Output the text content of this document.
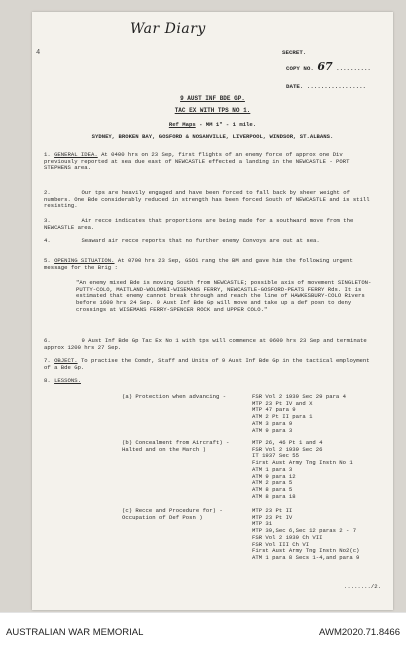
War Diary
4	SECRET.
COPY NO. 67 ..........
DATE. .................
9 AUST INF BDE GP.
TAC EX WITH TPS NO 1.
Ref Maps - MM 1" - 1 mile.
SYDNEY, BROKEN BAY, GOSFORD & NOSANVILLE, LIVERPOOL, WINDSOR, ST.ALBANS.
1. GENERAL IDEA. At 0400 hrs on 23 Sep, first flights of an enemy force of approx one Div previously reported at sea due east of NEWCASTLE effected a landing in the NEWCASTLE - PORT STEPHENS area.
2.	Our tps are heavily engaged and have been forced to fall back by sheer weight of numbers. One Bde considerably reduced in strength has been forced South of NEWCASTLE and is still resisting.
3.	Air recce indicates that proportions are being made for a southward move from the NEWCASTLE area.
4.	Seaward air recce reports that no further enemy Convoys are out at sea.
5. OPENING SITUATION. At 0700 hrs 23 Sep, GSO1 rang the BM and gave him the following urgent message for the Brig :
"An enemy mixed Bde is moving South from NEWCASTLE; possible axis of movement SINGLETON-PUTTY-COLO, MAITLAND-WOLOMBI-WISEMANS FERRY, NEWCASTLE-GOSFORD-PEATS FERRY Rds. It is estimated that enemy cannot break through and reach the line of HAWKESBURY-COLO Rivers before 1600 hrs 24 Sep. 9 Aust Inf Bde Gp will move and take up a def posn to deny crossings at WISEMANS FERRY-SPENCER ROCK and UPPER COLO."
6.	9 Aust Inf Bde Gp Tac Ex No 1 with tps will commence at 0600 hrs 23 Sep and terminate approx 1200 hrs 27 Sep.
7. OBJECT. To practise the Comdr, Staff and Units of 9 Aust Inf Bde Gp in the tactical employment of a Bde Gp.
8. LESSONS.
(a) Protection when advancing -	FSR Vol 2 1939 Sec 29 para 4
MTP 23 Pt IV and X
MTP 47 para 9
ATM 2 Pt II para 1
ATM 3 para 9
ATM 9 para 3
(b) Concealment from Aircraft) - Halted and on the March )
MTP 26, 46 Pt 1 and 4
FSR Vol 2 1939 Sec 26
IT 1937 Sec 55
First Aust Army Tng Instn No 1
ATM 1 para 3
ATM 9 para 12
ATM 2 para 5
ATM 8 para 5
ATM 8 para 18
(c) Recce and Procedure for) - Occupation of Def Posn )
MTP 23 Pt II
MTP 23 Pt IV
MTP 31
MTP 39,Sec 6,Sec 12 paras 2 - 7
FSR Vol 2 1939 Ch VII
FSR Vol III Ch VI
First Aust Army Tng Instn No2(c)
ATM 1 para 8 Secs 1-4,and para 9
......../2.
AUSTRALIAN WAR MEMORIAL	AWM2020.71.8466
